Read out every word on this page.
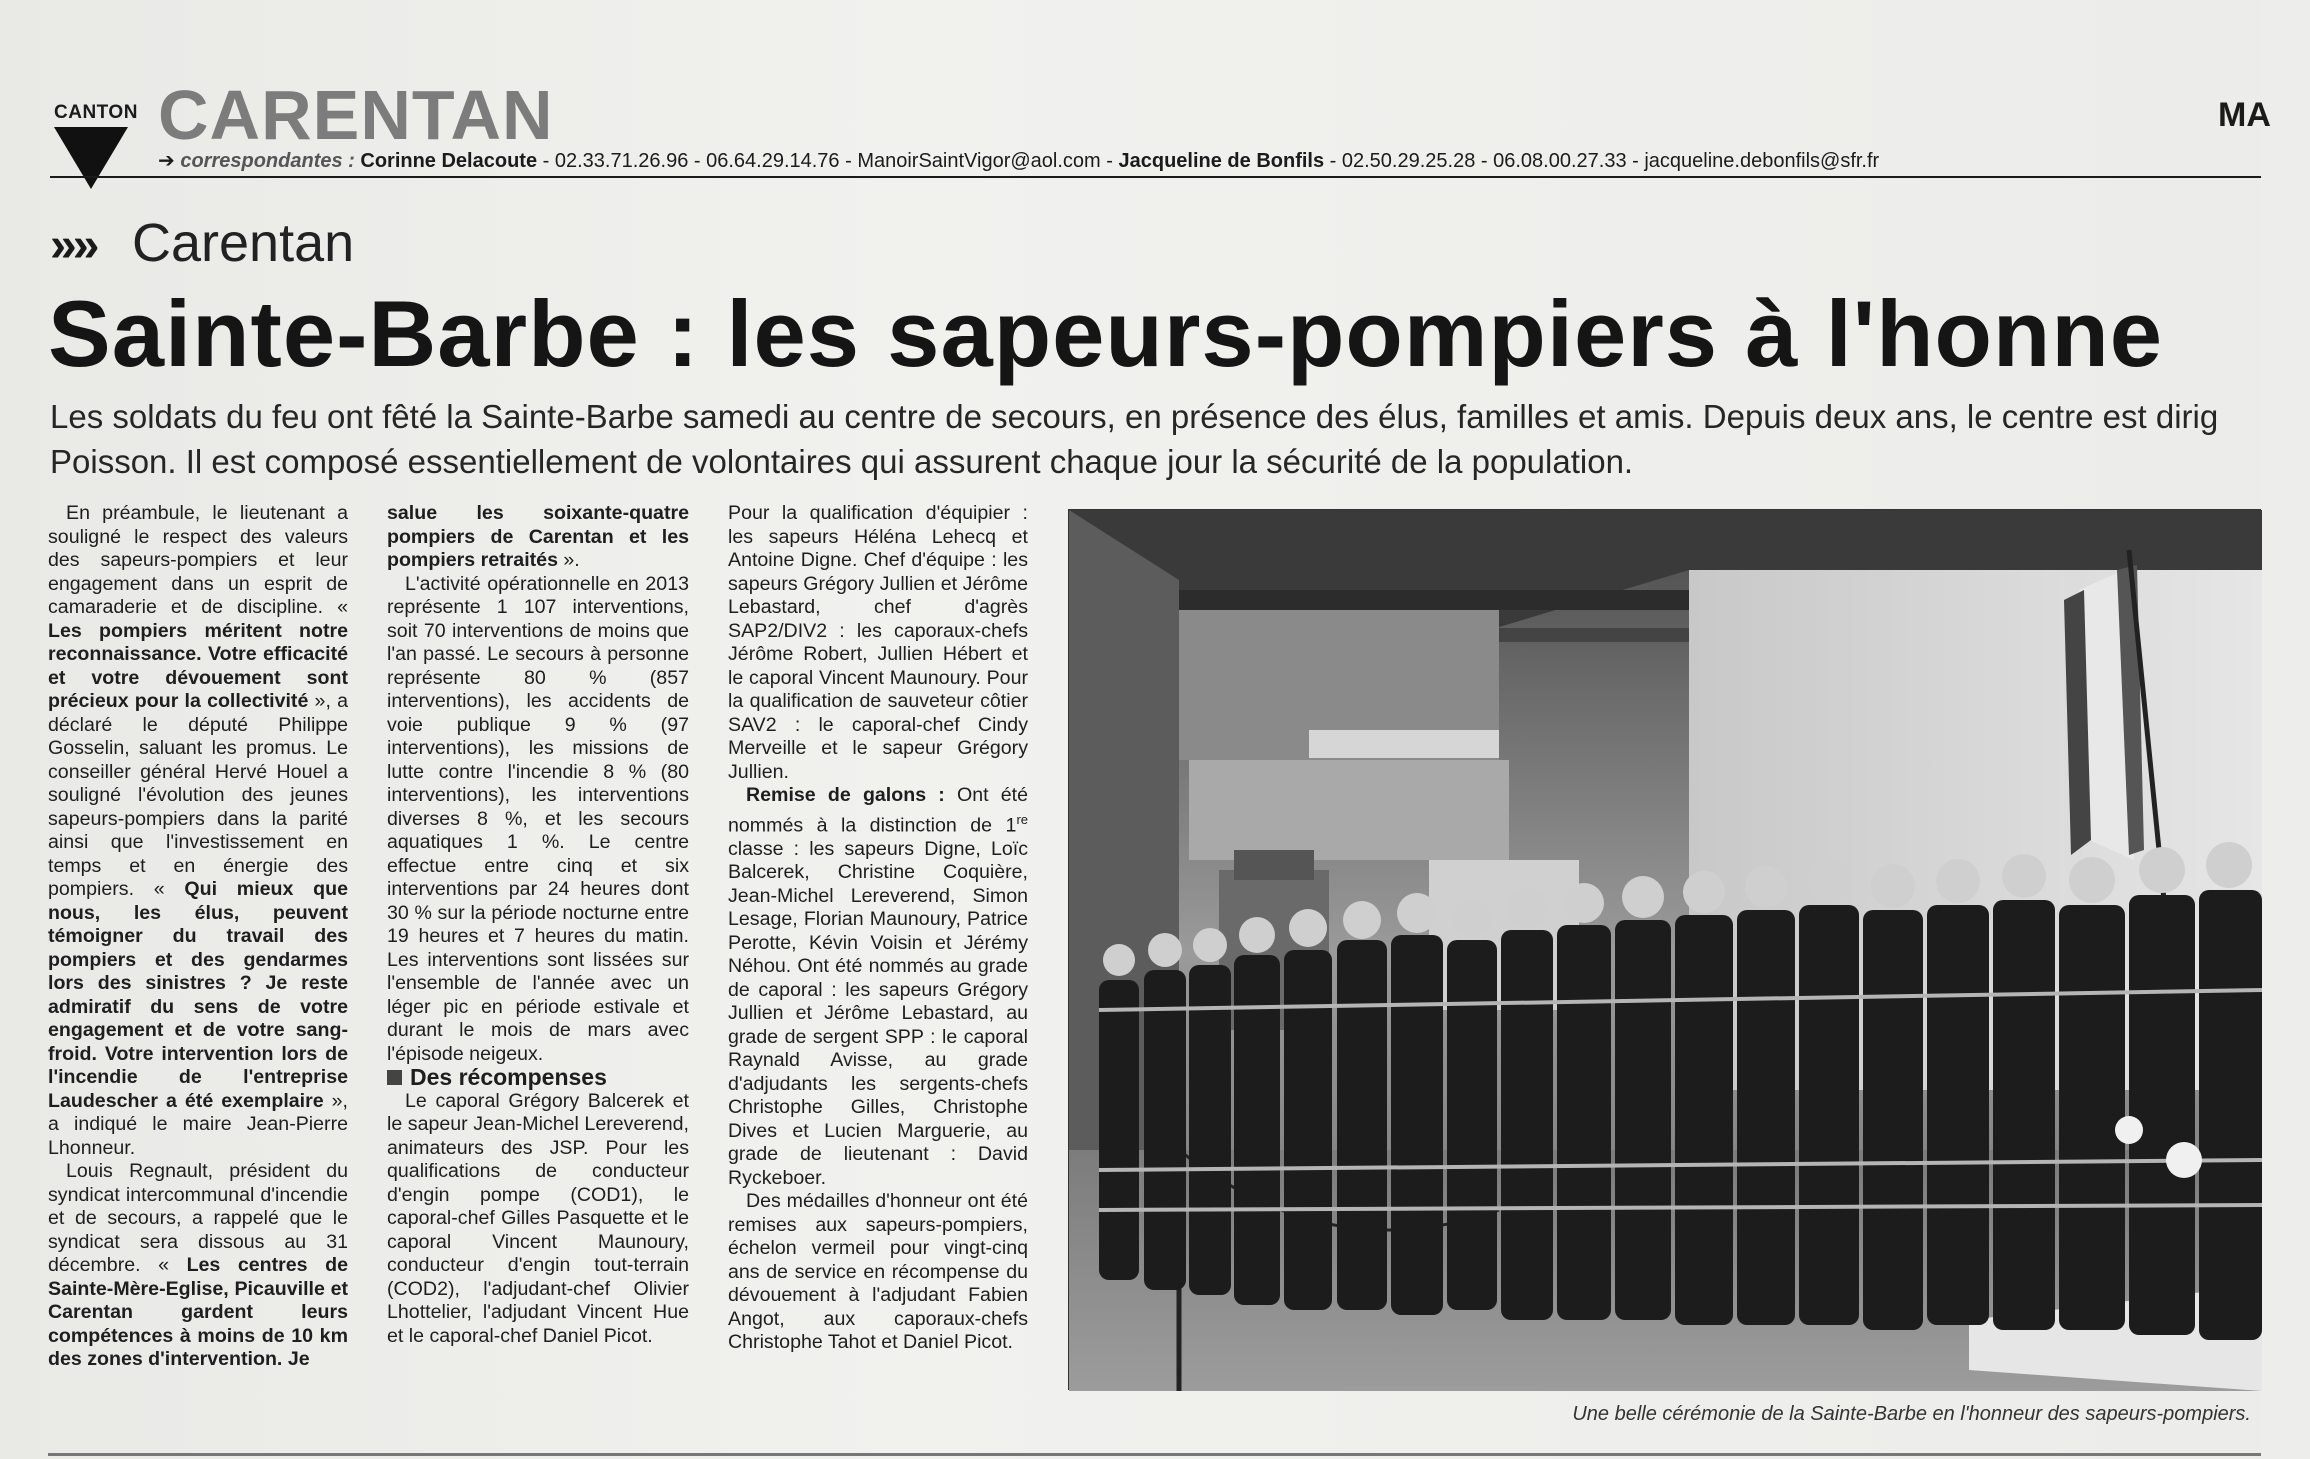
CANTON CARENTAN
➔ correspondantes : Corinne Delacoute - 02.33.71.26.96 - 06.64.29.14.76 - ManoirSaintVigor@aol.com - Jacqueline de Bonfils - 02.50.29.25.28 - 06.08.00.27.33 - jacqueline.debonfils@sfr.fr
MA
»» Carentan
Sainte-Barbe : les sapeurs-pompiers à l'honne
Les soldats du feu ont fêté la Sainte-Barbe samedi au centre de secours, en présence des élus, familles et amis. Depuis deux ans, le centre est dirig
Poisson. Il est composé essentiellement de volontaires qui assurent chaque jour la sécurité de la population.

En préambule, le lieutenant a souligné le respect des valeurs des sapeurs-pompiers et leur engagement dans un esprit de camaraderie et de discipline. « Les pompiers méritent notre reconnaissance. Votre efficacité et votre dévouement sont précieux pour la collectivité », a déclaré le député Philippe Gosselin, saluant les promus. Le conseiller général Hervé Houel a souligné l'évolution des jeunes sapeurs-pompiers dans la parité ainsi que l'investissement en temps et en énergie des pompiers. « Qui mieux que nous, les élus, peuvent témoigner du travail des pompiers et des gendarmes lors des sinistres ? Je reste admiratif du sens de votre engagement et de votre sang-froid. Votre intervention lors de l'incendie de l'entreprise Laudescher a été exemplaire », a indiqué le maire Jean-Pierre Lhonneur.

Louis Regnault, président du syndicat intercommunal d'incendie et de secours, a rappelé que le syndicat sera dissous au 31 décembre. « Les centres de Sainte-Mère-Eglise, Picauville et Carentan gardent leurs compétences à moins de 10 km des zones d'intervention. Je

salue les soixante-quatre pompiers de Carentan et les pompiers retraités ».

L'activité opérationnelle en 2013 représente 1 107 interventions, soit 70 interventions de moins que l'an passé. Le secours à personne représente 80 % (857 interventions), les accidents de voie publique 9 % (97 interventions), les missions de lutte contre l'incendie 8 % (80 interventions), les interventions diverses 8 %, et les secours aquatiques 1 %. Le centre effectue entre cinq et six interventions par 24 heures dont 30 % sur la période nocturne entre 19 heures et 7 heures du matin. Les interventions sont lissées sur l'ensemble de l'année avec un léger pic en période estivale et durant le mois de mars avec l'épisode neigeux.

Des récompenses

Le caporal Grégory Balcerek et le sapeur Jean-Michel Lereverend, animateurs des JSP. Pour les qualifications de conducteur d'engin pompe (COD1), le caporal-chef Gilles Pasquette et le caporal Vincent Maunoury, conducteur d'engin tout-terrain (COD2), l'adjudant-chef Olivier Lhottelier, l'adjudant Vincent Hue et le caporal-chef Daniel Picot.

Pour la qualification d'équipier : les sapeurs Héléna Lehecq et Antoine Digne. Chef d'équipe : les sapeurs Grégory Jullien et Jérôme Lebastard, chef d'agrès SAP2/DIV2 : les caporaux-chefs Jérôme Robert, Jullien Hébert et le caporal Vincent Maunoury. Pour la qualification de sauveteur côtier SAV2 : le caporal-chef Cindy Merveille et le sapeur Grégory Jullien.

Remise de galons : Ont été nommés à la distinction de 1re classe : les sapeurs Digne, Loïc Balcerek, Christine Coquière, Jean-Michel Lereverend, Simon Lesage, Florian Maunoury, Patrice Perotte, Kévin Voisin et Jérémy Néhou. Ont été nommés au grade de caporal : les sapeurs Grégory Jullien et Jérôme Lebastard, au grade de sergent SPP : le caporal Raynald Avisse, au grade d'adjudants les sergents-chefs Christophe Gilles, Christophe Dives et Lucien Marguerie, au grade de lieutenant : David Ryckeboer.

Des médailles d'honneur ont été remises aux sapeurs-pompiers, échelon vermeil pour vingt-cinq ans de service en récompense du dévouement à l'adjudant Fabien Angot, aux caporaux-chefs Christophe Tahot et Daniel Picot.

Une belle cérémonie de la Sainte-Barbe en l'honneur des sapeurs-pompiers.
